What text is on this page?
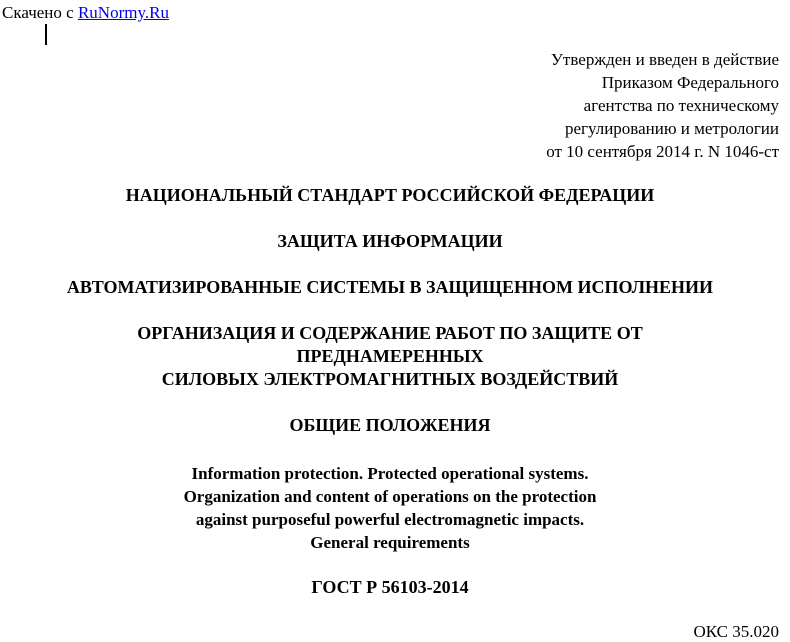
Скачено с RuNormy.Ru
Утвержден и введен в действие
Приказом Федерального
агентства по техническому
регулированию и метрологии
от 10 сентября 2014 г. N 1046-ст
НАЦИОНАЛЬНЫЙ СТАНДАРТ РОССИЙСКОЙ ФЕДЕРАЦИИ
ЗАЩИТА ИНФОРМАЦИИ
АВТОМАТИЗИРОВАННЫЕ СИСТЕМЫ В ЗАЩИЩЕННОМ ИСПОЛНЕНИИ
ОРГАНИЗАЦИЯ И СОДЕРЖАНИЕ РАБОТ ПО ЗАЩИТЕ ОТ
ПРЕДНАМЕРЕННЫХ
СИЛОВЫХ ЭЛЕКТРОМАГНИТНЫХ ВОЗДЕЙСТВИЙ
ОБЩИЕ ПОЛОЖЕНИЯ
Information protection. Protected operational systems.
Organization and content of operations on the protection
against purposeful powerful electromagnetic impacts.
General requirements
ГОСТ Р 56103-2014
ОКС 35.020
